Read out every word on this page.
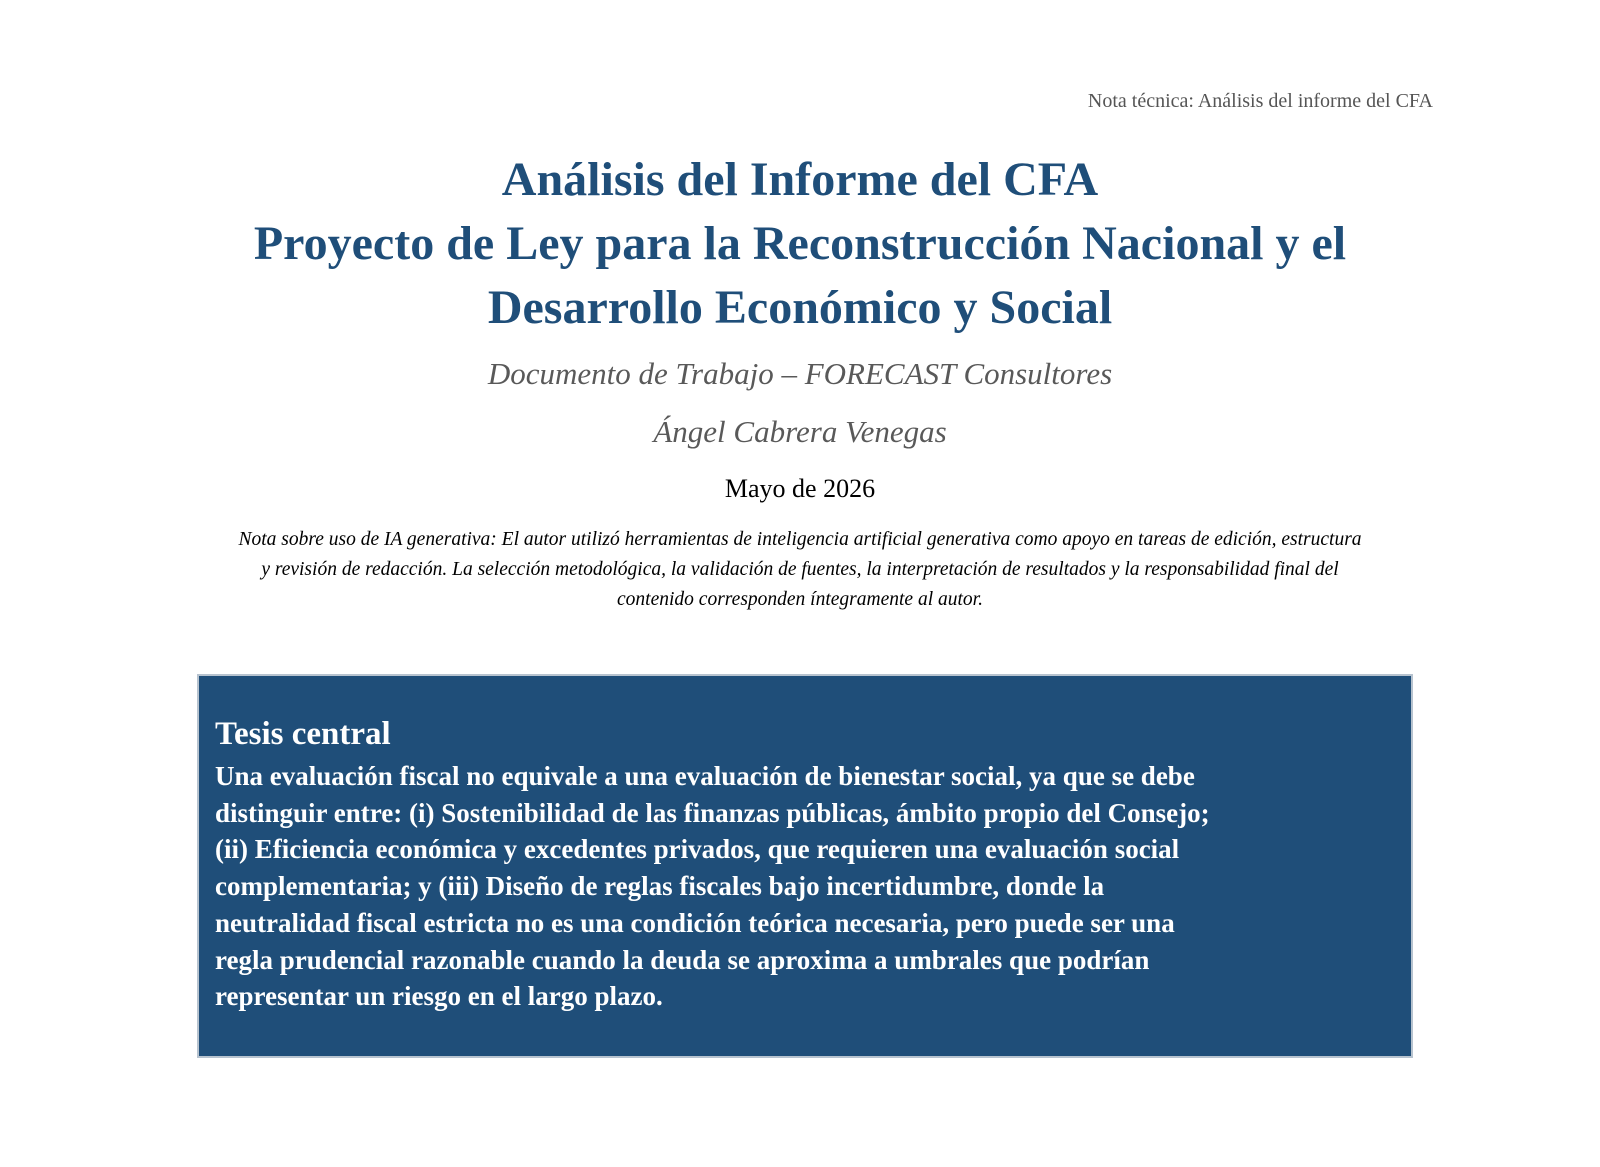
Nota técnica: Análisis del informe del CFA
Análisis del Informe del CFA
Proyecto de Ley para la Reconstrucción Nacional y el
Desarrollo Económico y Social
Documento de Trabajo – FORECAST Consultores
Ángel Cabrera Venegas
Mayo de 2026
Nota sobre uso de IA generativa: El autor utilizó herramientas de inteligencia artificial generativa como apoyo en tareas de edición, estructura
y revisión de redacción. La selección metodológica, la validación de fuentes, la interpretación de resultados y la responsabilidad final del
contenido corresponden íntegramente al autor.
Tesis central
Una evaluación fiscal no equivale a una evaluación de bienestar social, ya que se debe
distinguir entre: (i) Sostenibilidad de las finanzas públicas, ámbito propio del Consejo;
(ii) Eficiencia económica y excedentes privados, que requieren una evaluación social
complementaria; y (iii) Diseño de reglas fiscales bajo incertidumbre, donde la
neutralidad fiscal estricta no es una condición teórica necesaria, pero puede ser una
regla prudencial razonable cuando la deuda se aproxima a umbrales que podrían
representar un riesgo en el largo plazo.
